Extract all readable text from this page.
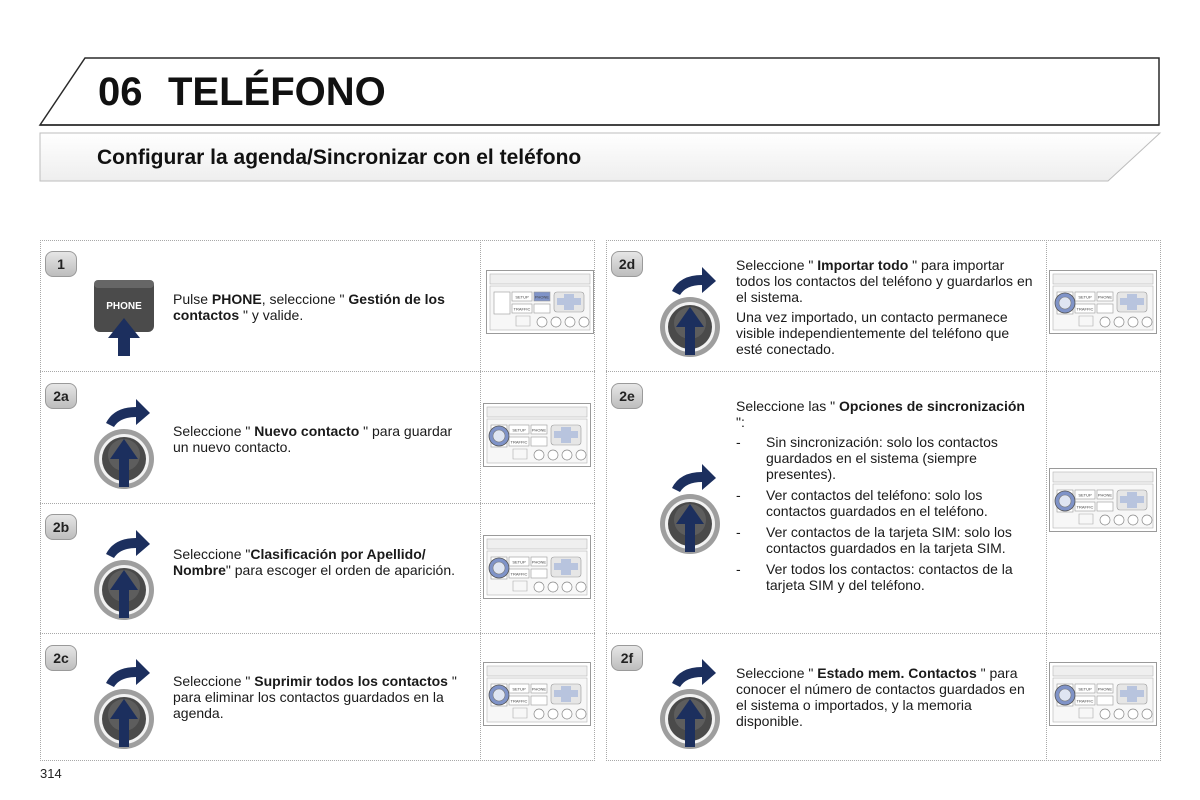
06 TELÉFONO
Configurar la agenda/Sincronizar con el teléfono
1
PHONE Pulse PHONE, seleccione " Gestión de los contactos " y valide.
2a
Seleccione " Nuevo contacto " para guardar un nuevo contacto.
2b
Seleccione "Clasificación por Apellido/ Nombre" para escoger el orden de aparición.
2c
Seleccione " Suprimir todos los contactos " para eliminar los contactos guardados en la agenda.
2d	Seleccione " Importar todo " para importar todos los contactos del teléfono y guardarlos en el sistema.

Una vez importado, un contacto permanece visible independientemente del teléfono que esté conectado.

2e

Seleccione las " Opciones de sincronización ":

- Sin sincronización: solo los contactos guardados en el sistema (siempre presentes).
- Ver contactos del teléfono: solo los contactos guardados en el teléfono.
- Ver contactos de la tarjeta SIM: solo los contactos guardados en la tarjeta SIM.
- Ver todos los contactos: contactos de la tarjeta SIM y del teléfono.
2f
Seleccione " Estado mem. Contactos " para conocer el número de contactos guardados en el sistema o importados, y la memoria disponible.
SETUP PHONE
TRAFFIC
SETUP PHONE
TRAFFIC
SETUP PHONE
TRAFFIC
SETUP PHONE
TRAFFIC
SETUP PHONE
TRAFFIC
SETUP PHONE
TRAFFIC
SETUP PHONE
TRAFFIC
314
